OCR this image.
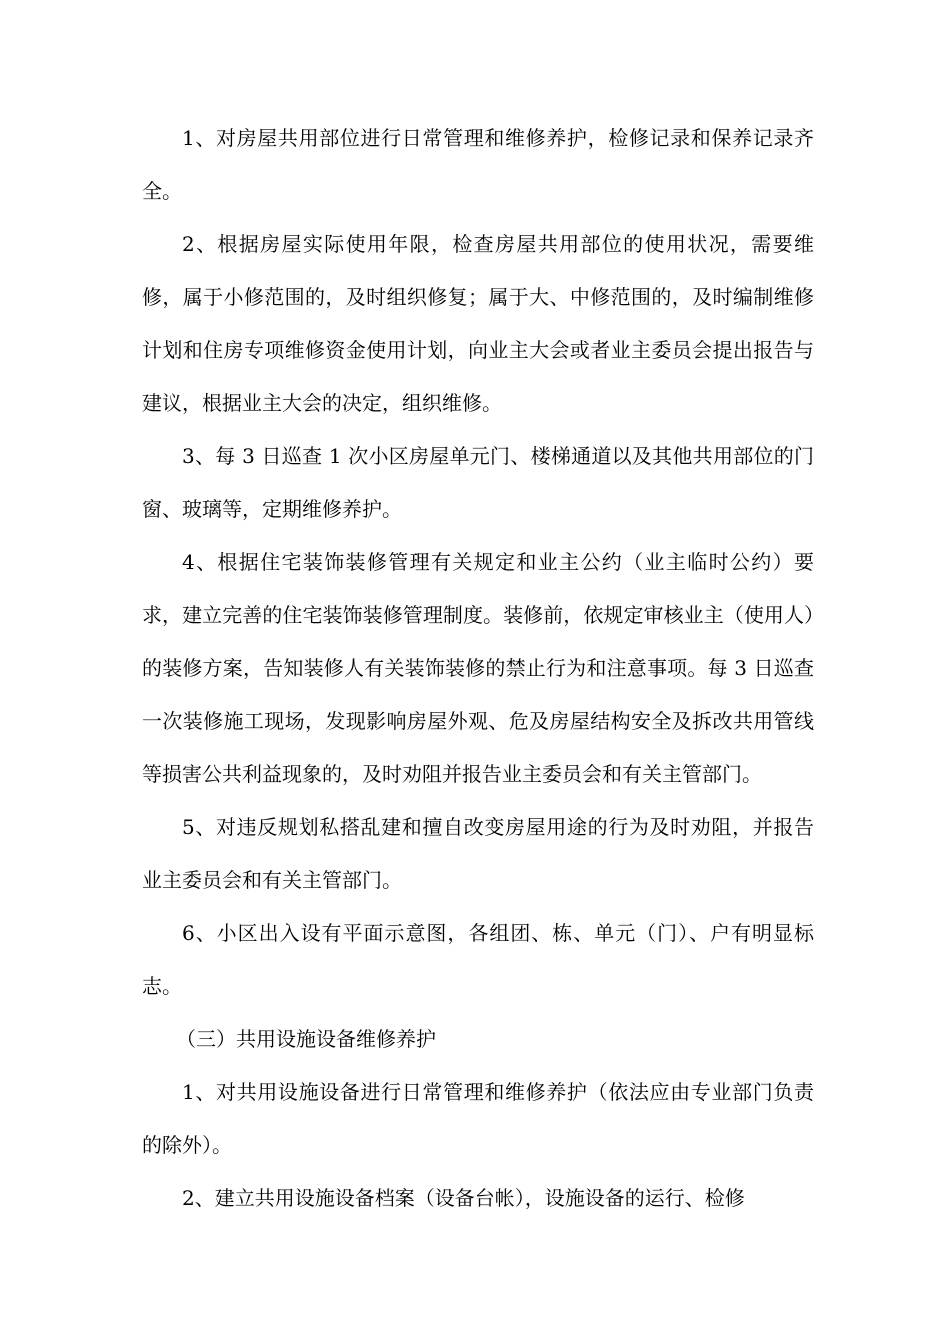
1、对房屋共用部位进行日常管理和维修养护，检修记录和保养记录齐全。

2、根据房屋实际使用年限，检查房屋共用部位的使用状况，需要维修，属于小修范围的，及时组织修复；属于大、中修范围的，及时编制维修计划和住房专项维修资金使用计划，向业主大会或者业主委员会提出报告与建议，根据业主大会的决定，组织维修。

3、每 3 日巡查 1 次小区房屋单元门、楼梯通道以及其他共用部位的门窗、玻璃等，定期维修养护。

4、根据住宅装饰装修管理有关规定和业主公约（业主临时公约）要求，建立完善的住宅装饰装修管理制度。装修前，依规定审核业主（使用人）的装修方案，告知装修人有关装饰装修的禁止行为和注意事项。每 3 日巡查一次装修施工现场，发现影响房屋外观、危及房屋结构安全及拆改共用管线等损害公共利益现象的，及时劝阻并报告业主委员会和有关主管部门。

5、对违反规划私搭乱建和擅自改变房屋用途的行为及时劝阻，并报告业主委员会和有关主管部门。

6、小区出入设有平面示意图，各组团、栋、单元（门）、户有明显标志。

（三）共用设施设备维修养护

1、对共用设施设备进行日常管理和维修养护（依法应由专业部门负责的除外）。

2、建立共用设施设备档案（设备台帐），设施设备的运行、检修
